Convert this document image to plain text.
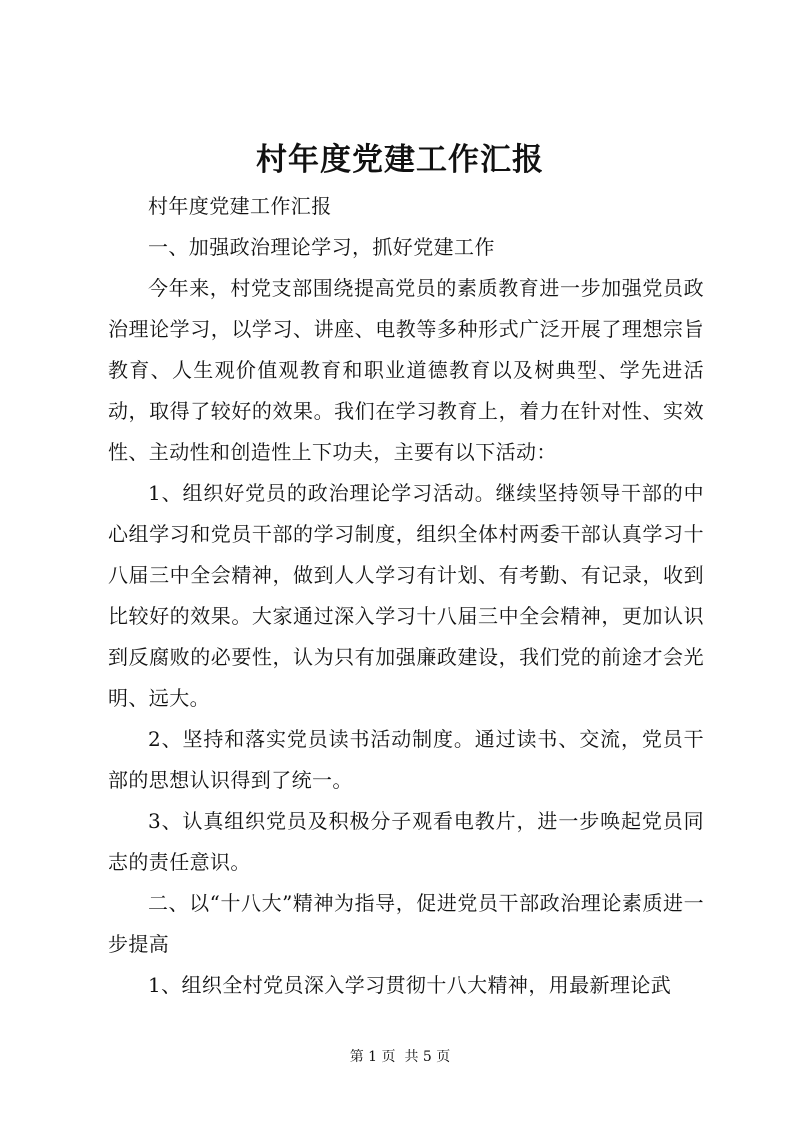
村年度党建工作汇报

村年度党建工作汇报

一、加强政治理论学习，抓好党建工作

今年来，村党支部围绕提高党员的素质教育进一步加强党员政治理论学习，以学习、讲座、电教等多种形式广泛开展了理想宗旨教育、人生观价值观教育和职业道德教育以及树典型、学先进活动，取得了较好的效果。我们在学习教育上，着力在针对性、实效性、主动性和创造性上下功夫，主要有以下活动：

1、组织好党员的政治理论学习活动。继续坚持领导干部的中心组学习和党员干部的学习制度，组织全体村两委干部认真学习十八届三中全会精神，做到人人学习有计划、有考勤、有记录，收到比较好的效果。大家通过深入学习十八届三中全会精神，更加认识到反腐败的必要性，认为只有加强廉政建设，我们党的前途才会光明、远大。

2、坚持和落实党员读书活动制度。通过读书、交流，党员干部的思想认识得到了统一。

3、认真组织党员及积极分子观看电教片，进一步唤起党员同志的责任意识。

二、以“十八大”精神为指导，促进党员干部政治理论素质进一步提高

1、组织全村党员深入学习贯彻十八大精神，用最新理论武

第 1 页  共 5 页
